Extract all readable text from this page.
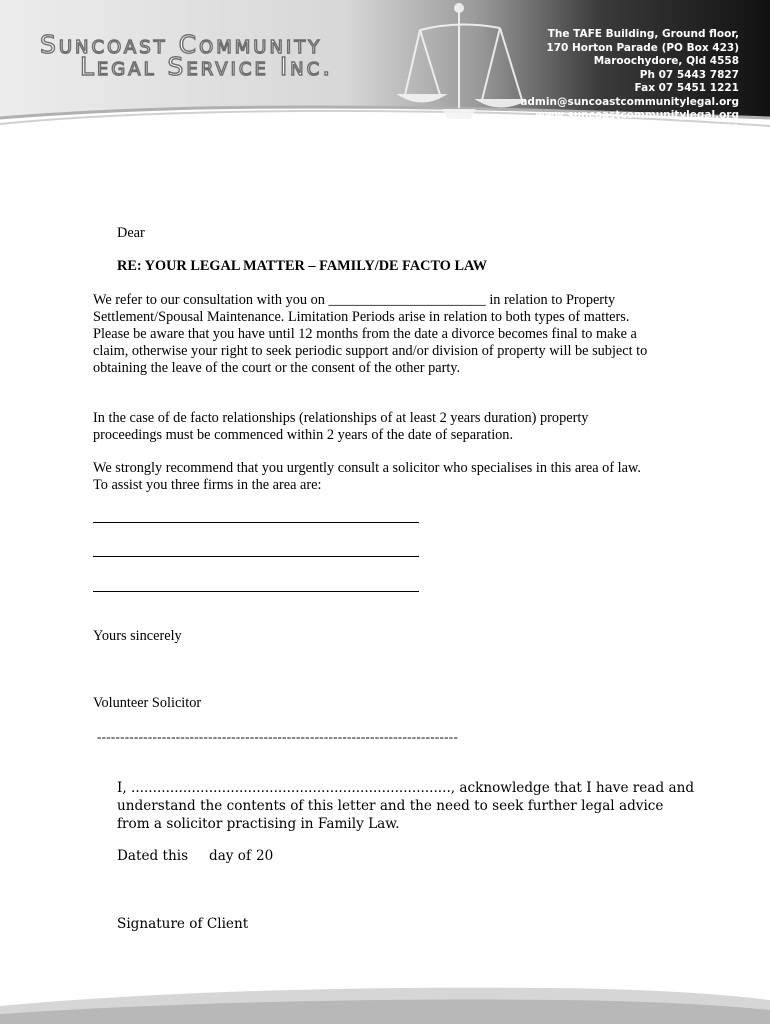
Suncoast Community
Legal Service Inc.
The TAFE Building, Ground floor,
170 Horton Parade (PO Box 423)
Maroochydore, Qld 4558
Ph 07 5443 7827
Fax 07 5451 1221
admin@suncoastcommunitylegal.org
www.suncoastcommunitylegal.org
ABN 21 409 016 380
Dear
RE: YOUR LEGAL MATTER – FAMILY/DE FACTO LAW
We refer to our consultation with you on ______________________ in relation to Property Settlement/Spousal Maintenance. Limitation Periods arise in relation to both types of matters. Please be aware that you have until 12 months from the date a divorce becomes final to make a claim, otherwise your right to seek periodic support and/or division of property will be subject to obtaining the leave of the court or the consent of the other party.
In the case of de facto relationships (relationships of at least 2 years duration) property proceedings must be commenced within 2 years of the date of separation.
We strongly recommend that you urgently consult a solicitor who specialises in this area of law. To assist you three firms in the area are:
Yours sincerely
Volunteer Solicitor
------------------------------------------------------------------------------
I, .........................................................................., acknowledge that I have read and
understand the contents of this letter and the need to seek further legal advice
from a solicitor practising in Family Law.
Dated this day of 20
Signature of Client
